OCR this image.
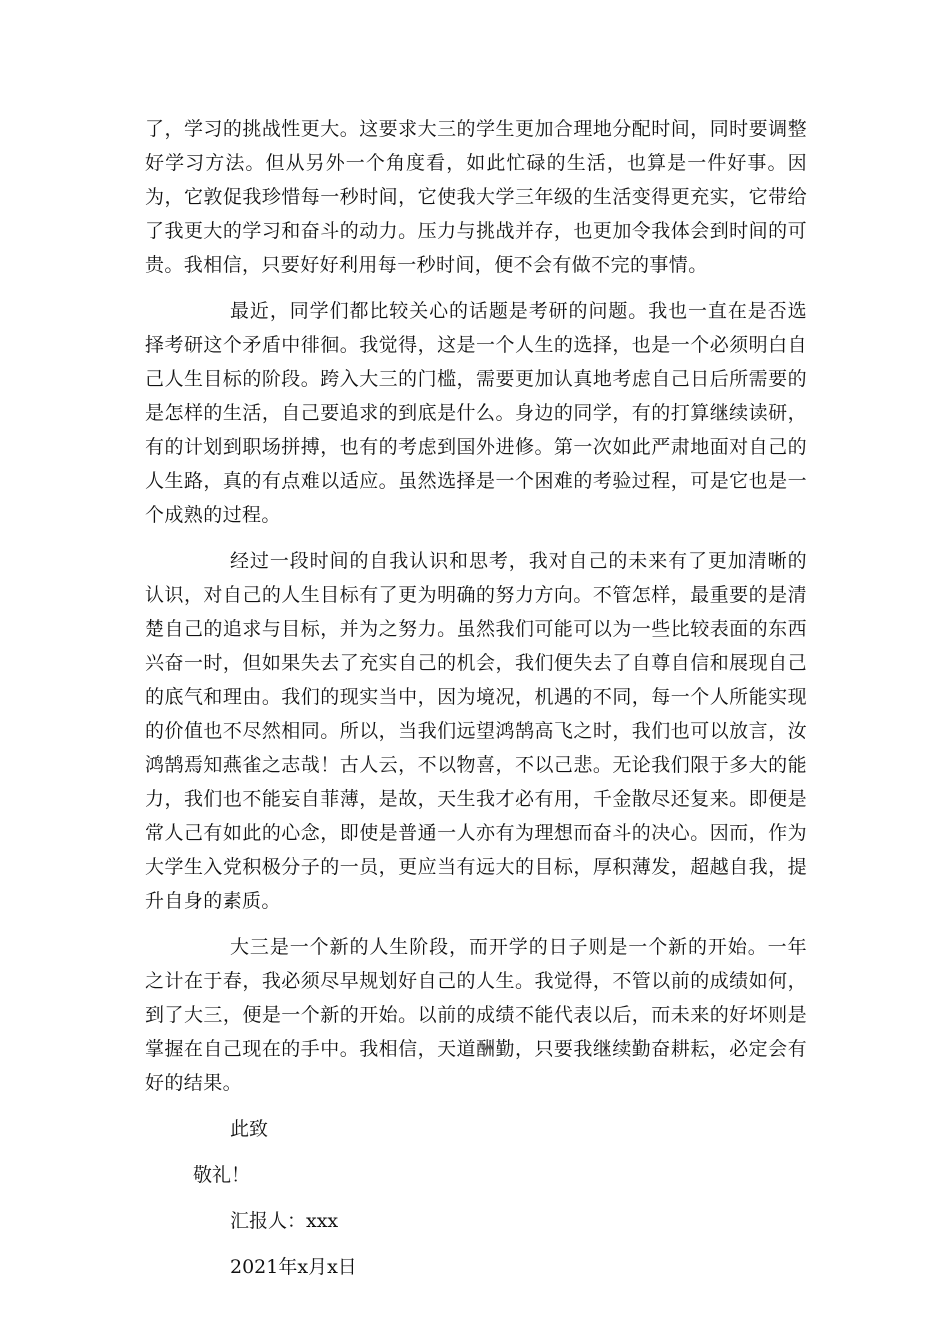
了，学习的挑战性更大。这要求大三的学生更加合理地分配时间，同时要调整好学习方法。但从另外一个角度看，如此忙碌的生活，也算是一件好事。因为，它敦促我珍惜每一秒时间，它使我大学三年级的生活变得更充实，它带给了我更大的学习和奋斗的动力。压力与挑战并存，也更加令我体会到时间的可贵。我相信，只要好好利用每一秒时间，便不会有做不完的事情。

最近，同学们都比较关心的话题是考研的问题。我也一直在是否选择考研这个矛盾中徘徊。我觉得，这是一个人生的选择，也是一个必须明白自己人生目标的阶段。跨入大三的门槛，需要更加认真地考虑自己日后所需要的是怎样的生活，自己要追求的到底是什么。身边的同学，有的打算继续读研，有的计划到职场拼搏，也有的考虑到国外进修。第一次如此严肃地面对自己的人生路，真的有点难以适应。虽然选择是一个困难的考验过程，可是它也是一个成熟的过程。

经过一段时间的自我认识和思考，我对自己的未来有了更加清晰的认识，对自己的人生目标有了更为明确的努力方向。不管怎样，最重要的是清楚自己的追求与目标，并为之努力。虽然我们可能可以为一些比较表面的东西兴奋一时，但如果失去了充实自己的机会，我们便失去了自尊自信和展现自己的底气和理由。我们的现实当中，因为境况，机遇的不同，每一个人所能实现的价值也不尽然相同。所以，当我们远望鸿鹄高飞之时，我们也可以放言，汝鸿鹄焉知燕雀之志哉！古人云，不以物喜，不以己悲。无论我们限于多大的能力，我们也不能妄自菲薄，是故，天生我才必有用，千金散尽还复来。即便是常人己有如此的心念，即使是普通一人亦有为理想而奋斗的决心。因而，作为大学生入党积极分子的一员，更应当有远大的目标，厚积薄发，超越自我，提升自身的素质。

大三是一个新的人生阶段，而开学的日子则是一个新的开始。一年之计在于春，我必须尽早规划好自己的人生。我觉得，不管以前的成绩如何，到了大三，便是一个新的开始。以前的成绩不能代表以后，而未来的好坏则是掌握在自己现在的手中。我相信，天道酬勤，只要我继续勤奋耕耘，必定会有好的结果。

此致

敬礼！

汇报人：xxx

2021年x月x日
